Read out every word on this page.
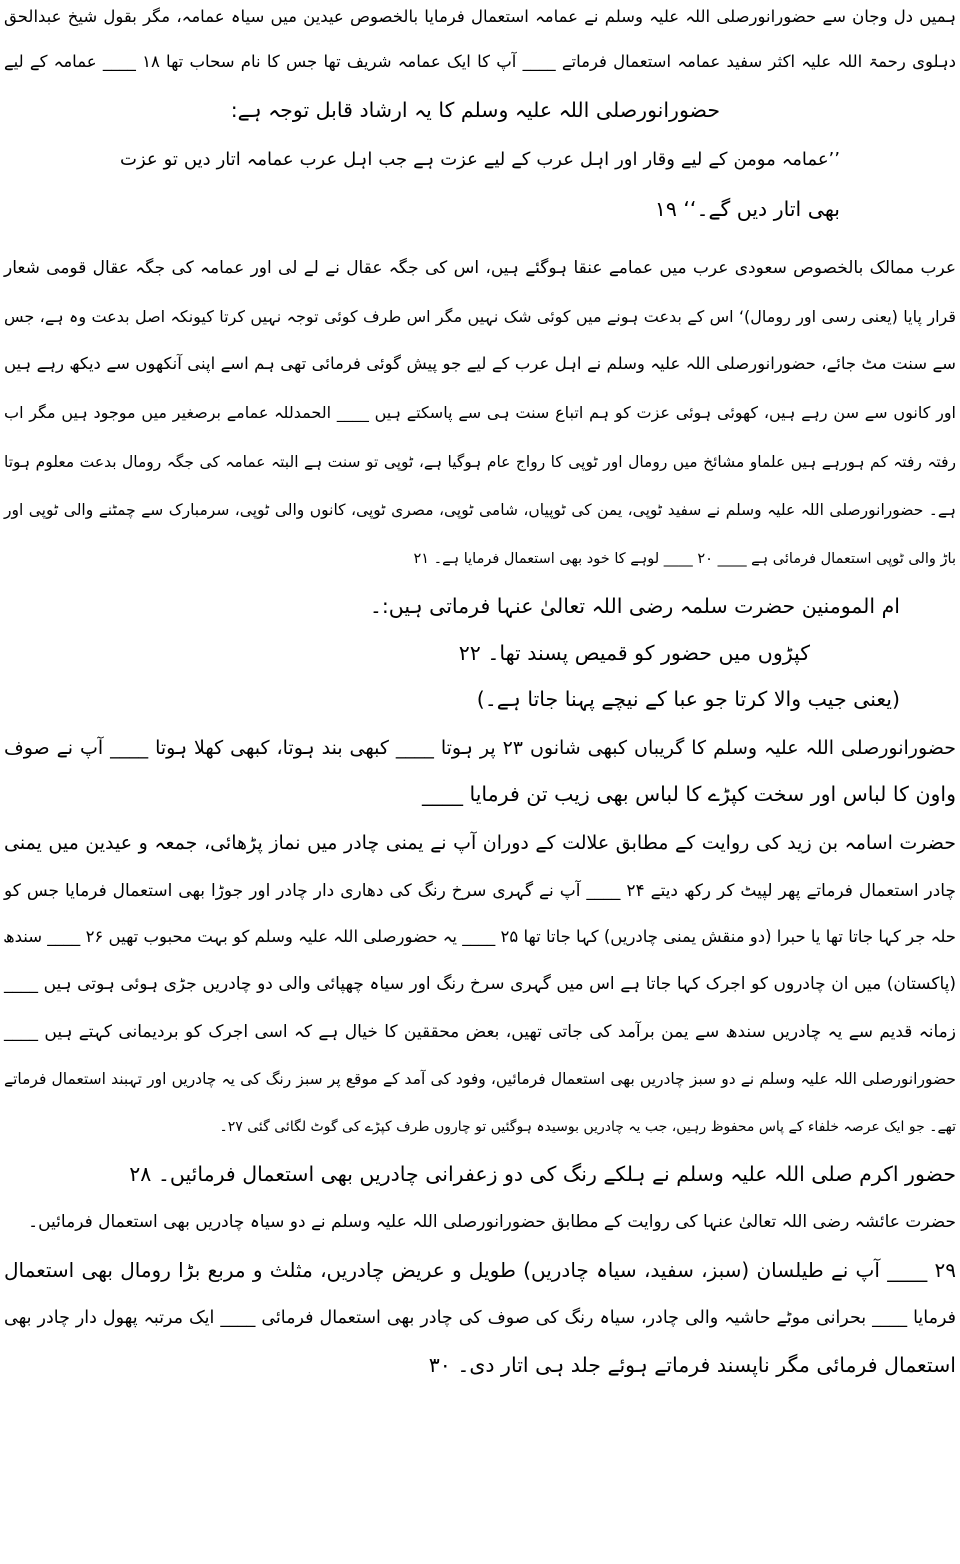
ہمیں دل وجان سے حضورانورصلی اللہ علیہ وسلم نے عمامہ استعمال فرمایا بالخصوص عیدین میں سیاہ عمامہ، مگر بقول شیخ عبدالحق
دہلوی رحمۃ اللہ علیہ اکثر سفید عمامہ استعمال فرماتے ____ آپ کا ایک عمامہ شریف تھا جس کا نام سحاب تھا ۱۸ ____ عمامہ کے لیے
حضورانورصلی اللہ علیہ وسلم کا یہ ارشاد قابل توجہ ہے:
’’عمامہ مومن کے لیے وقار اور اہل عرب کے لیے عزت ہے جب اہل عرب عمامہ اتار دیں تو عزت
بھی اتار دیں گے۔‘‘ ۱۹
عرب ممالک بالخصوص سعودی عرب میں عمامے عنقا ہوگئے ہیں، اس کی جگہ عقال نے لے لی اور عمامہ کی جگہ عقال قومی شعار
قرار پایا (یعنی رسی اور رومال)‘ اس کے بدعت ہونے میں کوئی شک نہیں مگر اس طرف کوئی توجہ نہیں کرتا کیونکہ اصل بدعت وہ ہے، جس
سے سنت مٹ جائے، حضورانورصلی اللہ علیہ وسلم نے اہل عرب کے لیے جو پیش گوئی فرمائی تھی ہم اسے اپنی آنکھوں سے دیکھ رہے ہیں
اور کانوں سے سن رہے ہیں، کھوئی ہوئی عزت کو ہم اتباع سنت ہی سے پاسکتے ہیں ____ الحمدللہ عمامے برصغیر میں موجود ہیں مگر اب
رفتہ رفتہ کم ہورہے ہیں علماو مشائخ میں رومال اور ٹوپی کا رواج عام ہوگیا ہے، ٹوپی تو سنت ہے البتہ عمامہ کی جگہ رومال بدعت معلوم ہوتا
ہے۔ حضورانورصلی اللہ علیہ وسلم نے سفید ٹوپی، یمن کی ٹوپیاں، شامی ٹوپی، مصری ٹوپی، کانوں والی ٹوپی، سرمبارک سے چمٹنے والی ٹوپی اور
باڑ والی ٹوپی استعمال فرمائی ہے ____ ۲۰ ____ لوہے کا خود بھی استعمال فرمایا ہے۔ ۲۱
ام المومنین حضرت سلمہ رضی اللہ تعالیٰ عنہا فرماتی ہیں:۔
کپڑوں میں حضور کو قمیص پسند تھا۔ ۲۲
(یعنی جیب والا کرتا جو عبا کے نیچے پہنا جاتا ہے۔)
حضورانورصلی اللہ علیہ وسلم کا گریباں کبھی شانوں ۲۳ پر ہوتا ____ کبھی بند ہوتا، کبھی کھلا ہوتا ____ آپ نے صوف
واون کا لباس اور سخت کپڑے کا لباس بھی زیب تن فرمایا ____
حضرت اسامہ بن زید کی روایت کے مطابق علالت کے دوران آپ نے یمنی چادر میں نماز پڑھائی، جمعہ و عیدین میں یمنی
چادر استعمال فرماتے پھر لپیٹ کر رکھ دیتے ۲۴ ____ آپ نے گہری سرخ رنگ کی دھاری دار چادر اور جوڑا بھی استعمال فرمایا جس کو
حلہ جر کہا جاتا تھا یا حبرا (دو منقش یمنی چادریں) کہا جاتا تھا ۲۵ ____ یہ حضورصلی اللہ علیہ وسلم کو بہت محبوب تھیں ۲۶ ____ سندھ
(پاکستان) میں ان چادروں کو اجرک کہا جاتا ہے اس میں گہری سرخ رنگ اور سیاہ چھپائی والی دو چادریں جڑی ہوئی ہوتی ہیں ____
زمانہ قدیم سے یہ چادریں سندھ سے یمن برآمد کی جاتی تھیں، بعض محققین کا خیال ہے کہ اسی اجرک کو بردیمانی کہتے ہیں ____
حضورانورصلی اللہ علیہ وسلم نے دو سبز چادریں بھی استعمال فرمائیں، وفود کی آمد کے موقع پر سبز رنگ کی یہ چادریں اور تہبند استعمال فرماتے
تھے۔ جو ایک عرصہ خلفاء کے پاس محفوظ رہیں، جب یہ چادریں بوسیدہ ہوگئیں تو چاروں طرف کپڑے کی گوٹ لگائی گئی ۲۷۔
حضور اکرم صلی اللہ علیہ وسلم نے ہلکے رنگ کی دو زعفرانی چادریں بھی استعمال فرمائیں۔ ۲۸
حضرت عائشہ رضی اللہ تعالیٰ عنہا کی روایت کے مطابق حضورانورصلی اللہ علیہ وسلم نے دو سیاہ چادریں بھی استعمال فرمائیں۔
۲۹ ____ آپ نے طیلسان (سبز، سفید، سیاہ چادریں) طویل و عریض چادریں، مثلث و مربع بڑا رومال بھی استعمال
فرمایا ____ بحرانی موٹے حاشیہ والی چادر، سیاہ رنگ کی صوف کی چادر بھی استعمال فرمائی ____ ایک مرتبہ پھول دار چادر بھی
استعمال فرمائی مگر ناپسند فرماتے ہوئے جلد ہی اتار دی۔ ۳۰
